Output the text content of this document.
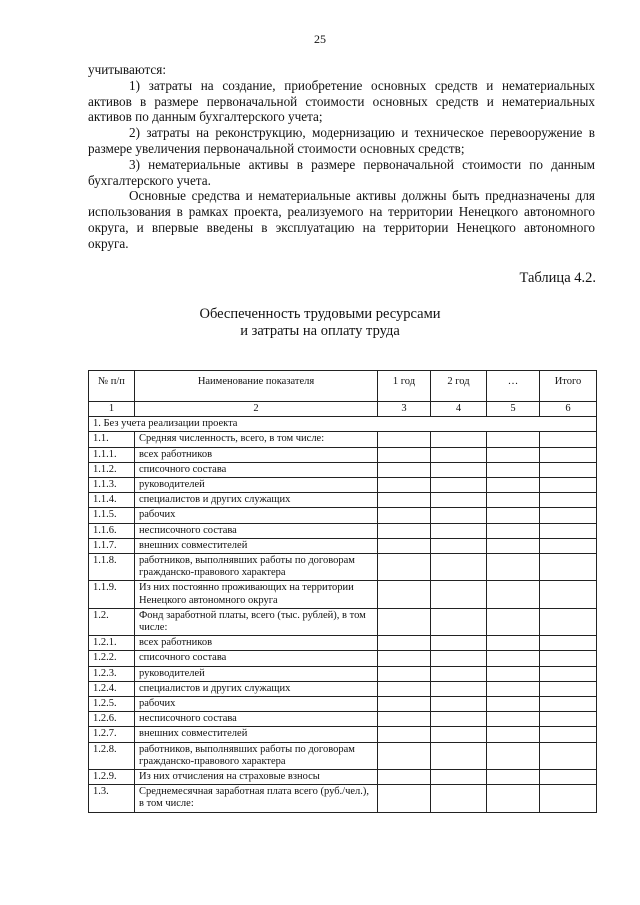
25

учитываются:

1) затраты на создание, приобретение основных средств и нематериальных активов в размере первоначальной стоимости основных средств и нематериальных активов по данным бухгалтерского учета;

2) затраты на реконструкцию, модернизацию и техническое перевооружение в размере увеличения первоначальной стоимости основных средств;

3) нематериальные активы в размере первоначальной стоимости по данным бухгалтерского учета.

Основные средства и нематериальные активы должны быть предназначены для использования в рамках проекта, реализуемого на территории Ненецкого автономного округа, и впервые введены в эксплуатацию на территории Ненецкого автономного округа.

Таблица 4.2.
Обеспеченность трудовыми ресурсами
и затраты на оплату труда
№ п/п	Наименование показателя	1 год	2 год	…	Итого
1	2	3	4	5	6
1. Без учета реализации проекта					
1.1.	Средняя численность, всего, в том числе:				
1.1.1.	всех работников				
1.1.2.	списочного состава				
1.1.3.	руководителей				
1.1.4.	специалистов и других служащих				
1.1.5.	рабочих				
1.1.6.	несписочного состава				
1.1.7.	внешних совместителей				
1.1.8.	работников, выполнявших работы по договорам гражданско-правового характера				
1.1.9.	Из них постоянно проживающих на территории Ненецкого автономного округа				
1.2.	Фонд заработной платы, всего (тыс. рублей), в том числе:				
1.2.1.	всех работников				
1.2.2.	списочного состава				
1.2.3.	руководителей				
1.2.4.	специалистов и других служащих				
1.2.5.	рабочих				
1.2.6.	несписочного состава				
1.2.7.	внешних совместителей				
1.2.8.	работников, выполнявших работы по договорам гражданско-правового характера				
1.2.9.	Из них отчисления на страховые взносы				
1.3.	Среднемесячная заработная плата всего (руб./чел.), в том числе:				
